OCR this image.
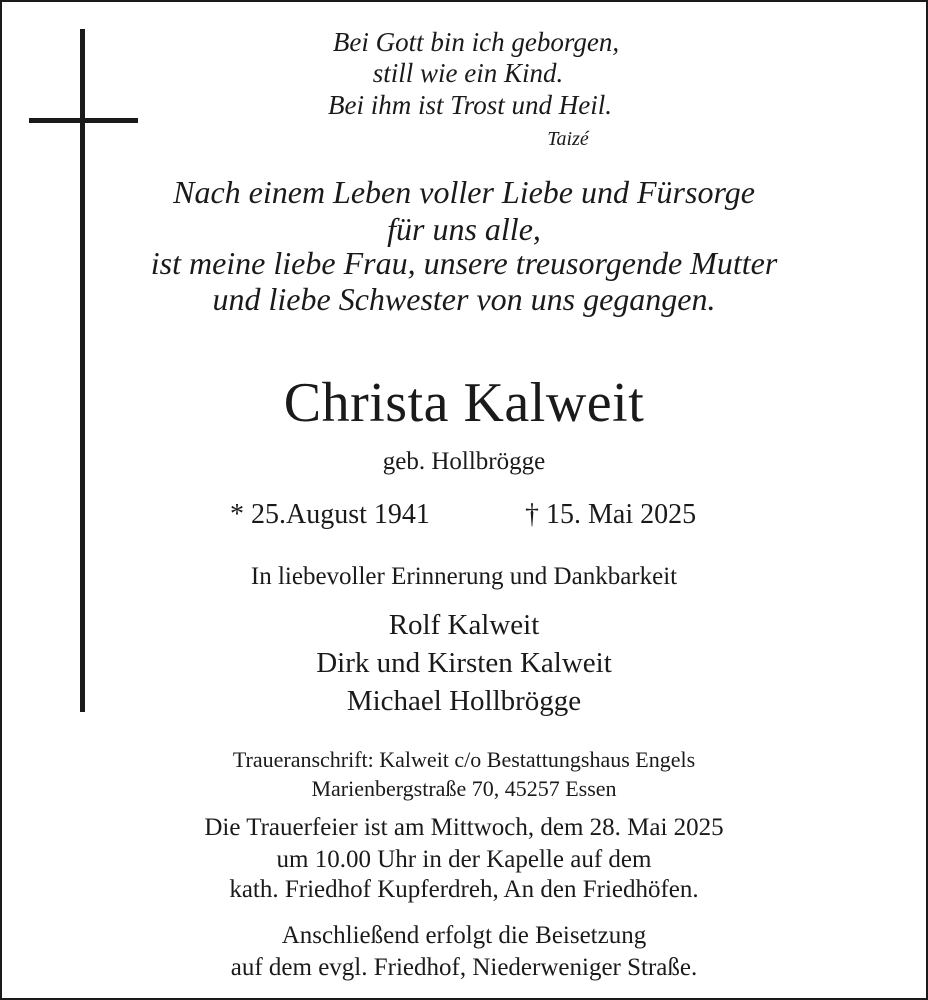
Bei Gott bin ich geborgen,
still wie ein Kind.
Bei ihm ist Trost und Heil.
Taizé
Nach einem Leben voller Liebe und Fürsorge
für uns alle,
ist meine liebe Frau, unsere treusorgende Mutter
und liebe Schwester von uns gegangen.
Christa Kalweit
geb. Hollbrögge
* 25.August 1941	† 15. Mai 2025
In liebevoller Erinnerung und Dankbarkeit
Rolf Kalweit
Dirk und Kirsten Kalweit
Michael Hollbrögge
Traueranschrift: Kalweit c/o Bestattungshaus Engels
Marienbergstraße 70, 45257 Essen
Die Trauerfeier ist am Mittwoch, dem 28. Mai 2025
um 10.00 Uhr in der Kapelle auf dem
kath. Friedhof Kupferdreh, An den Friedhöfen.
Anschließend erfolgt die Beisetzung
auf dem evgl. Friedhof, Niederweniger Straße.
